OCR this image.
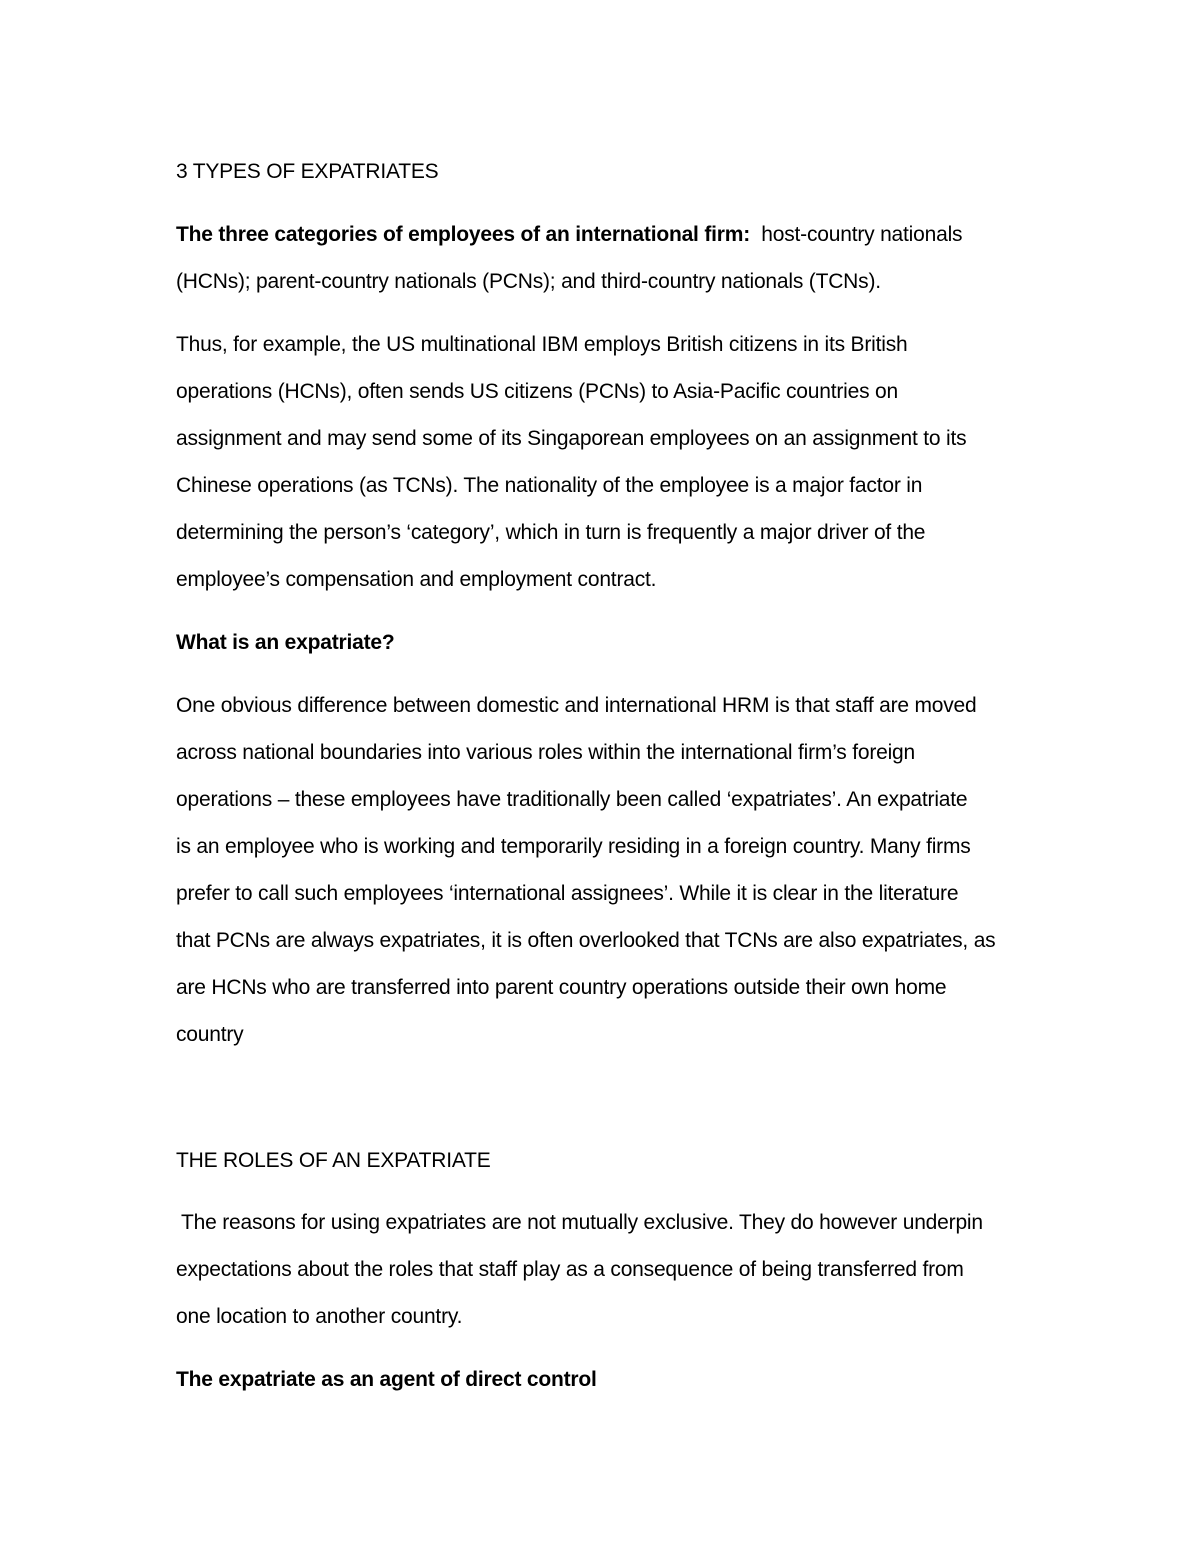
3 TYPES OF EXPATRIATES
The three categories of employees of an international firm: host-country nationals
(HCNs); parent-country nationals (PCNs); and third-country nationals (TCNs).
Thus, for example, the US multinational IBM employs British citizens in its British
operations (HCNs), often sends US citizens (PCNs) to Asia-Pacific countries on
assignment and may send some of its Singaporean employees on an assignment to its
Chinese operations (as TCNs). The nationality of the employee is a major factor in
determining the person’s ‘category’, which in turn is frequently a major driver of the
employee’s compensation and employment contract.
What is an expatriate?
One obvious difference between domestic and international HRM is that staff are moved
across national boundaries into various roles within the international firm’s foreign
operations – these employees have traditionally been called ‘expatriates’. An expatriate
is an employee who is working and temporarily residing in a foreign country. Many firms
prefer to call such employees ‘international assignees’. While it is clear in the literature
that PCNs are always expatriates, it is often overlooked that TCNs are also expatriates, as
are HCNs who are transferred into parent country operations outside their own home
country
THE ROLES OF AN EXPATRIATE
The reasons for using expatriates are not mutually exclusive. They do however underpin
expectations about the roles that staff play as a consequence of being transferred from
one location to another country.
The expatriate as an agent of direct control
